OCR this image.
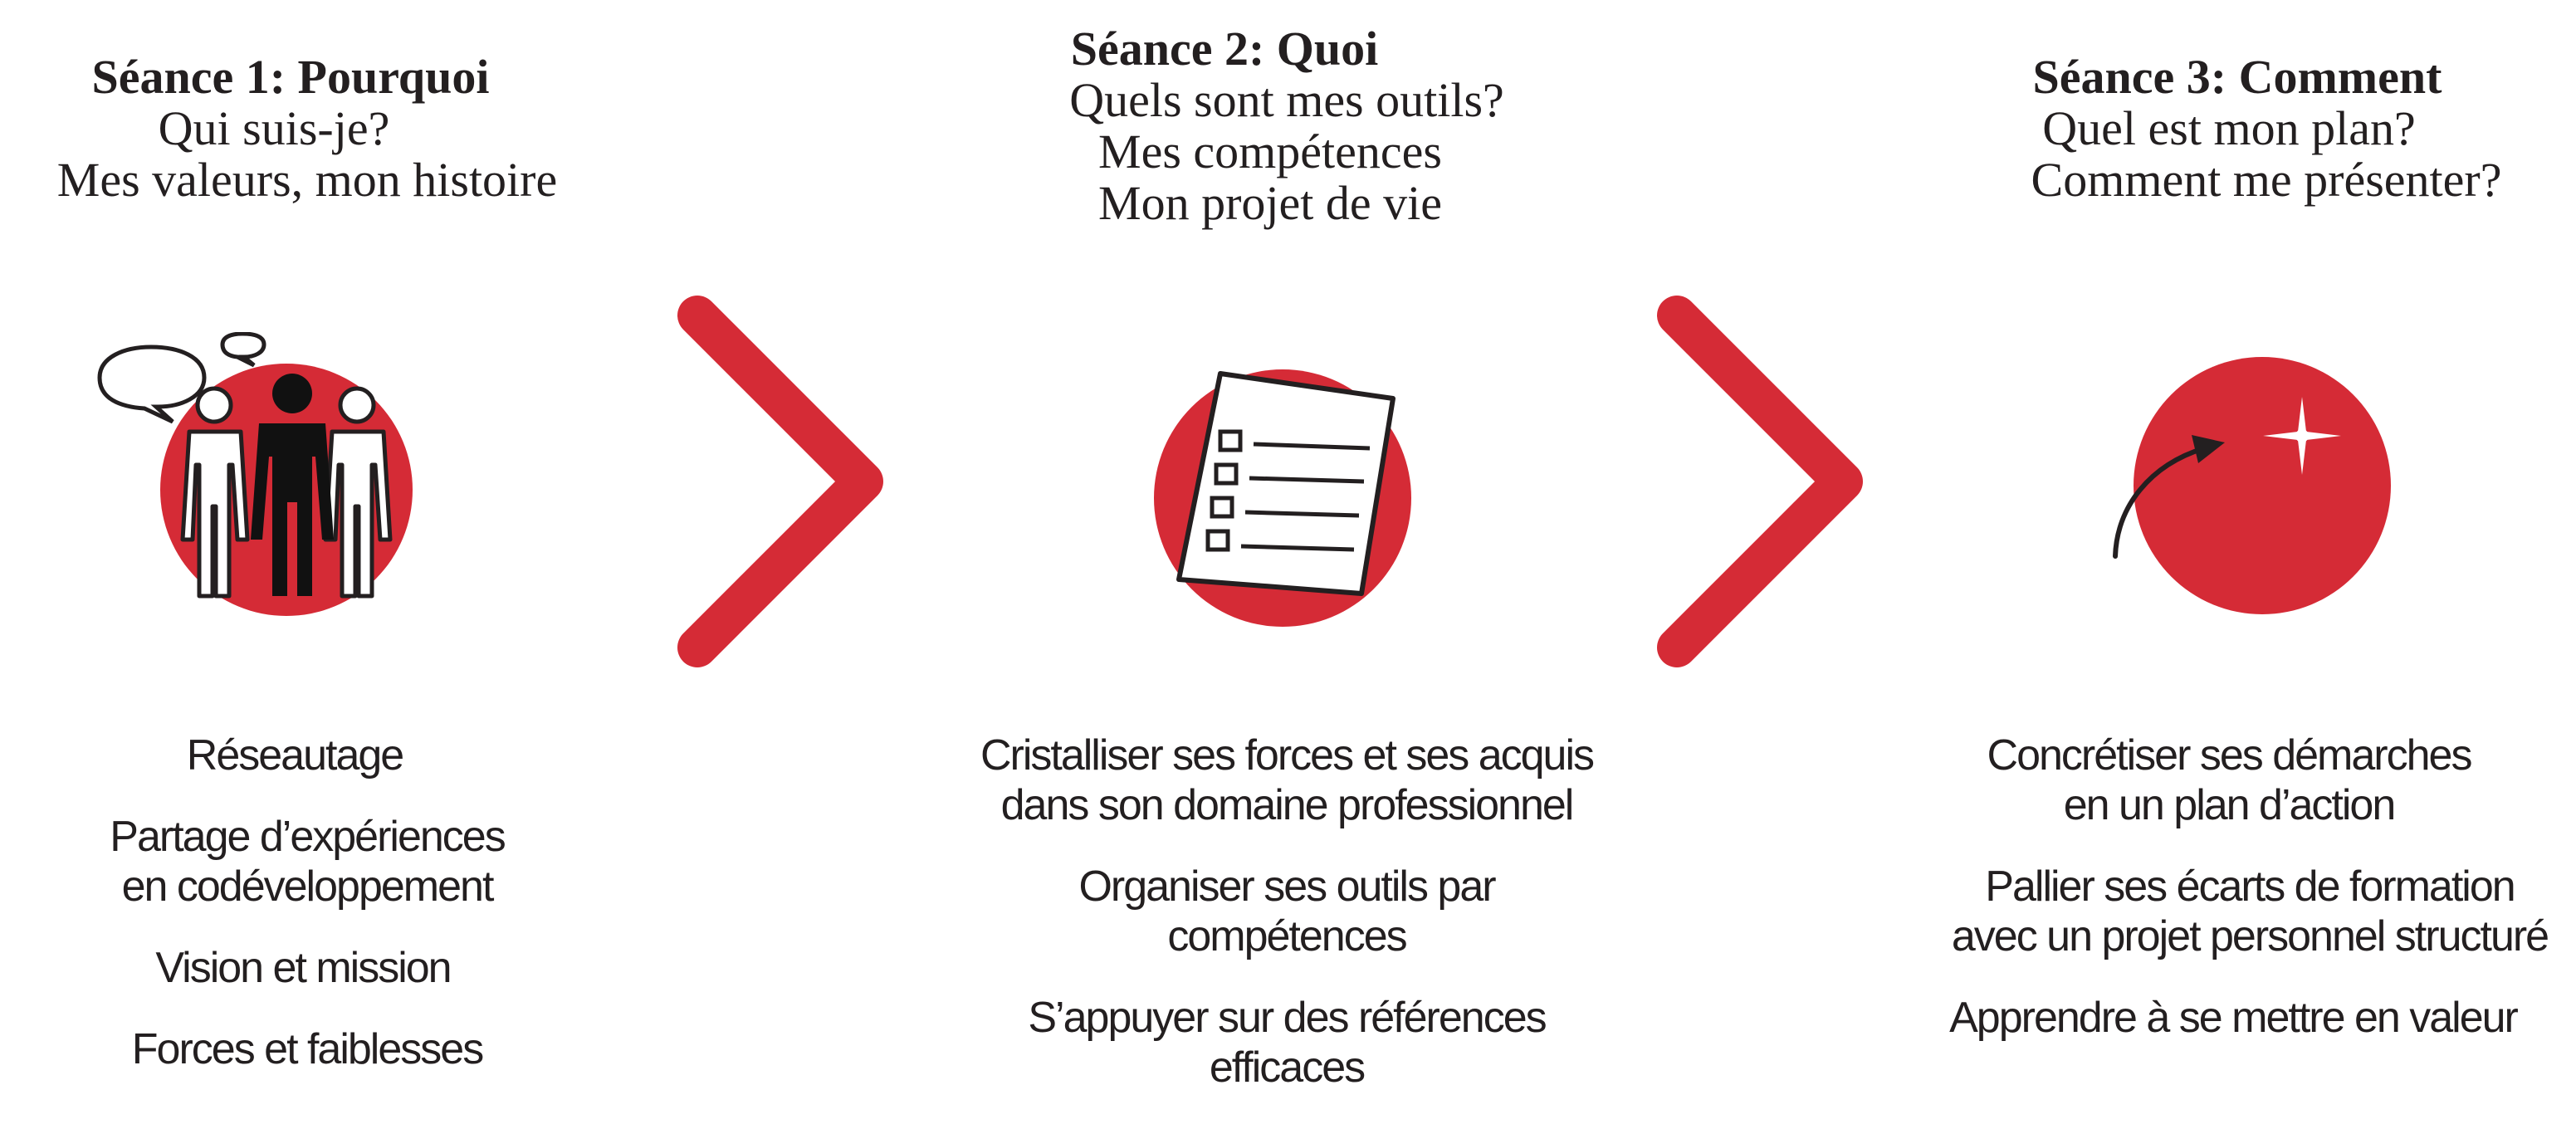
Séance 1: Pourquoi
Qui suis-je?
Mes valeurs, mon histoire
Séance 2: Quoi
Quels sont mes outils?
Mes compétences
Mon projet de vie
Séance 3: Comment
Quel est mon plan?
Comment me présenter?
Réseautage
Partage d’expériences
en codéveloppement
Vision et mission
Forces et faiblesses
Cristalliser ses forces et ses acquis
dans son domaine professionnel
Organiser ses outils par compétences
S’appuyer sur des références efficaces
Concrétiser ses démarches
en un plan d’action
Pallier ses écarts de formation
avec un projet personnel structuré
Apprendre à se mettre en valeur
